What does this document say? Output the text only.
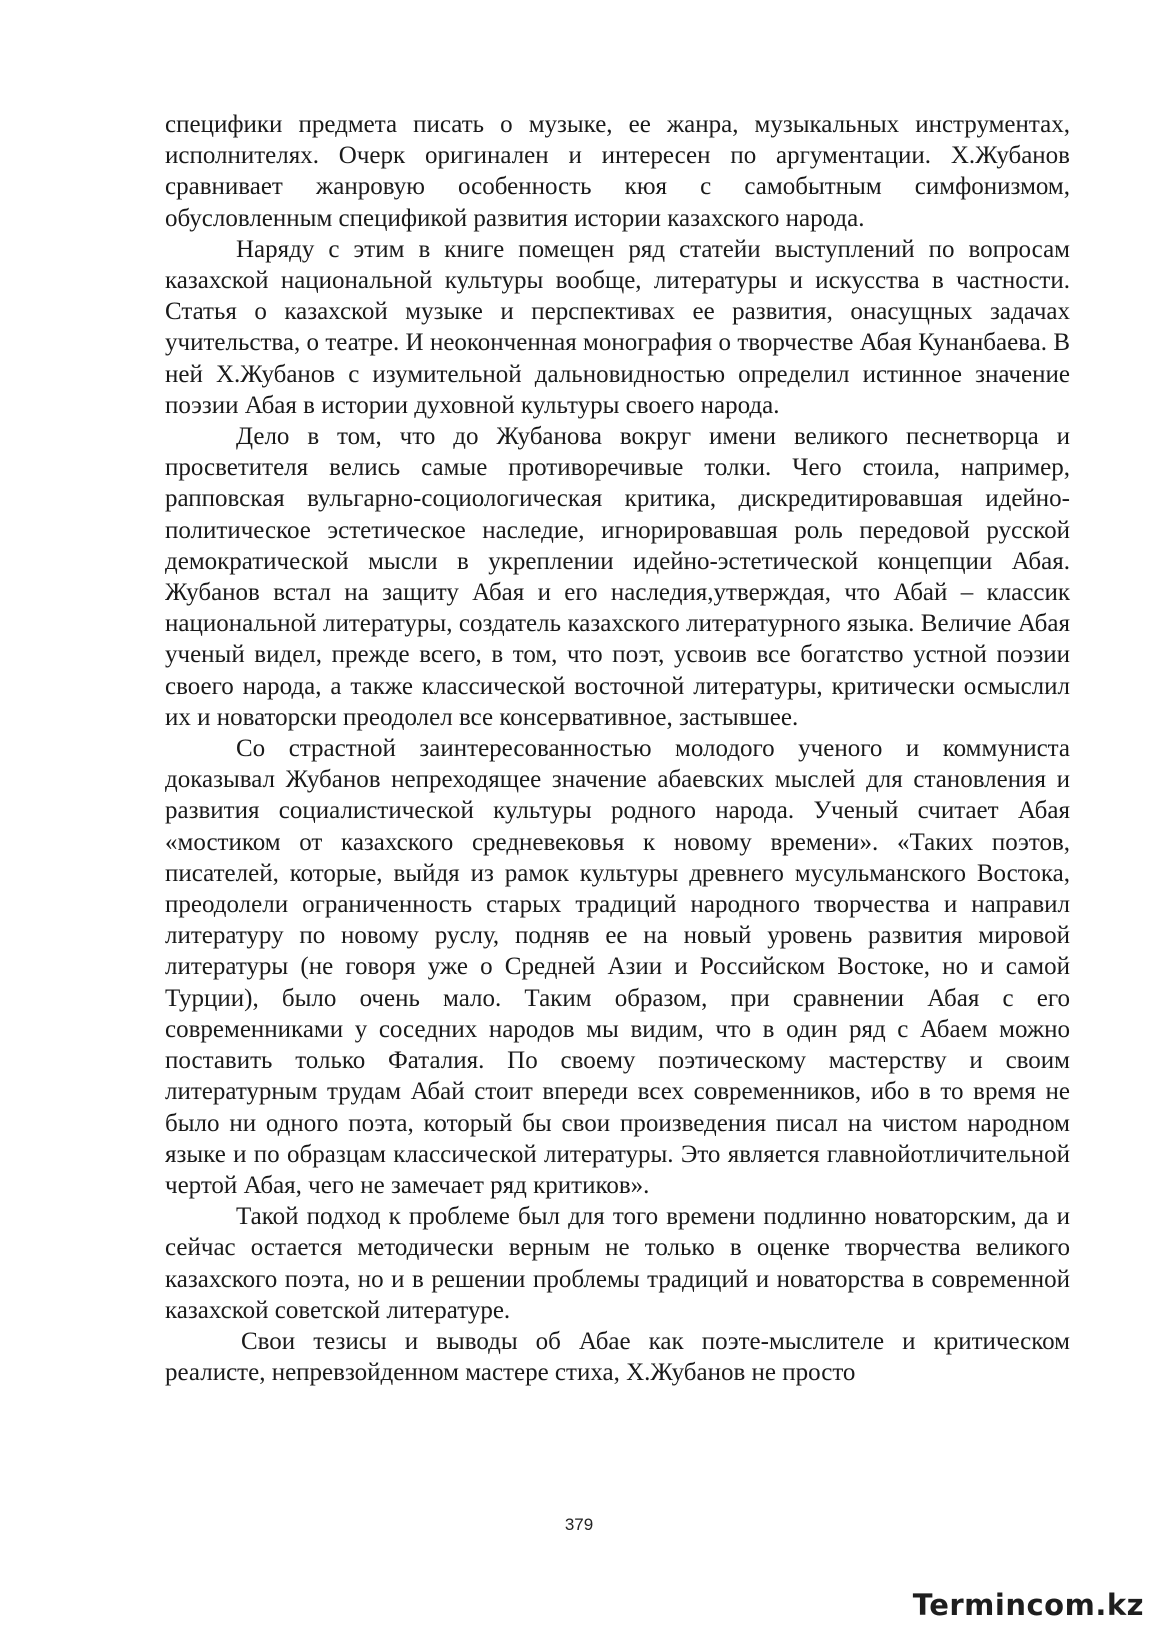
специфики предмета писать о музыке, ее жанра, музыкальных инструментах, исполнителях. Очерк оригинален и интересен по аргументации. Х.Жубанов сравнивает жанровую особенность кюя с самобытным симфонизмом, обусловленным спецификой развития истории казахского народа.

Наряду с этим в книге помещен ряд статейи выступлений по вопросам казахской национальной культуры вообще, литературы и искусства в частности. Статья о казахской музыке и перспективах ее развития, онасущных задачах учительства, о театре. И неоконченная монография о творчестве Абая Кунанбаева. В ней Х.Жубанов с изумительной дальновидностью определил истинное значение поэзии Абая в истории духовной культуры своего народа.

Дело в том, что до Жубанова вокруг имени великого песнетворца и просветителя велись самые противоречивые толки. Чего стоила, например, рапповская вульгарно-социологическая критика, дискредитировавшая идейно-политическое эстетическое наследие, игнорировавшая роль передовой русской демократической мысли в укреплении идейно-эстетической концепции Абая. Жубанов встал на защиту Абая и его наследия,утверждая, что Абай – классик национальной литературы, создатель казахского литературного языка. Величие Абая ученый видел, прежде всего, в том, что поэт, усвоив все богатство устной поэзии своего народа, а также классической восточной литературы, критически осмыслил их и новаторски преодолел все консервативное, застывшее.

Со страстной заинтересованностью молодого ученого и коммуниста доказывал Жубанов непреходящее значение абаевских мыслей для становления и развития социалистической культуры родного народа. Ученый считает Абая «мостиком от казахского средневековья к новому времени». «Таких поэтов, писателей, которые, выйдя из рамок культуры древнего мусульманского Востока, преодолели ограниченность старых традиций народного творчества и направил литературу по новому руслу, подняв ее на новый уровень развития мировой литературы (не говоря уже о Средней Азии и Российском Востоке, но и самой Турции), было очень мало. Таким образом, при сравнении Абая с его современниками у соседних народов мы видим, что в один ряд с Абаем можно поставить только Фаталия. По своему поэтическому мастерству и своим литературным трудам Абай стоит впереди всех современников, ибо в то время не было ни одного поэта, который бы свои произведения писал на чистом народном языке и по образцам классической литературы. Это является главнойотличительной чертой Абая, чего не замечает ряд критиков».

Такой подход к проблеме был для того времени подлинно новаторским, да и сейчас остается методически верным не только в оценке творчества великого казахского поэта, но и в решении проблемы традиций и новаторства в современной казахской советской литературе.

Свои тезисы и выводы об Абае как поэте-мыслителе и критическом реалисте, непревзойденном мастере стиха, Х.Жубанов не просто

379
Termincom.kz
